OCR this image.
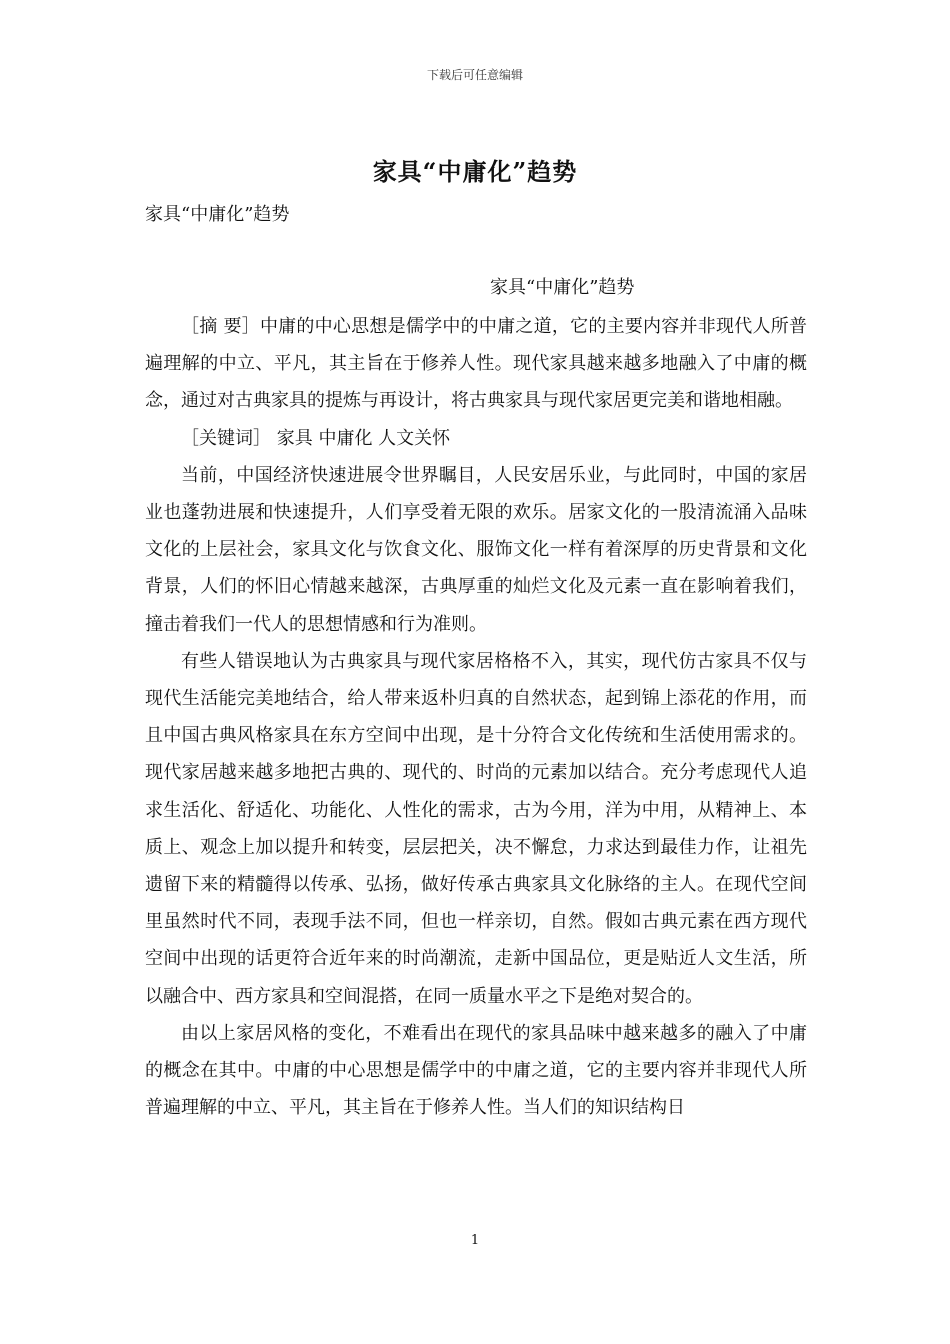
下载后可任意编辑
家具“中庸化”趋势
家具“中庸化”趋势
家具“中庸化”趋势

［摘 要］中庸的中心思想是儒学中的中庸之道，它的主要内容并非现代人所普遍理解的中立、平凡，其主旨在于修养人性。现代家具越来越多地融入了中庸的概念，通过对古典家具的提炼与再设计，将古典家具与现代家居更完美和谐地相融。

［关键词］ 家具 中庸化 人文关怀

当前，中国经济快速进展令世界瞩目，人民安居乐业，与此同时，中国的家居业也蓬勃进展和快速提升，人们享受着无限的欢乐。居家文化的一股清流涌入品味文化的上层社会，家具文化与饮食文化、服饰文化一样有着深厚的历史背景和文化背景，人们的怀旧心情越来越深，古典厚重的灿烂文化及元素一直在影响着我们，撞击着我们一代人的思想情感和行为准则。

有些人错误地认为古典家具与现代家居格格不入，其实，现代仿古家具不仅与现代生活能完美地结合，给人带来返朴归真的自然状态，起到锦上添花的作用，而且中国古典风格家具在东方空间中出现，是十分符合文化传统和生活使用需求的。现代家居越来越多地把古典的、现代的、时尚的元素加以结合。充分考虑现代人追求生活化、舒适化、功能化、人性化的需求，古为今用，洋为中用，从精神上、本质上、观念上加以提升和转变，层层把关，决不懈怠，力求达到最佳力作，让祖先遗留下来的精髓得以传承、弘扬，做好传承古典家具文化脉络的主人。在现代空间里虽然时代不同，表现手法不同，但也一样亲切，自然。假如古典元素在西方现代空间中出现的话更符合近年来的时尚潮流，走新中国品位，更是贴近人文生活，所以融合中、西方家具和空间混搭，在同一质量水平之下是绝对契合的。

由以上家居风格的变化，不难看出在现代的家具品味中越来越多的融入了中庸的概念在其中。中庸的中心思想是儒学中的中庸之道，它的主要内容并非现代人所普遍理解的中立、平凡，其主旨在于修养人性。当人们的知识结构日

1
